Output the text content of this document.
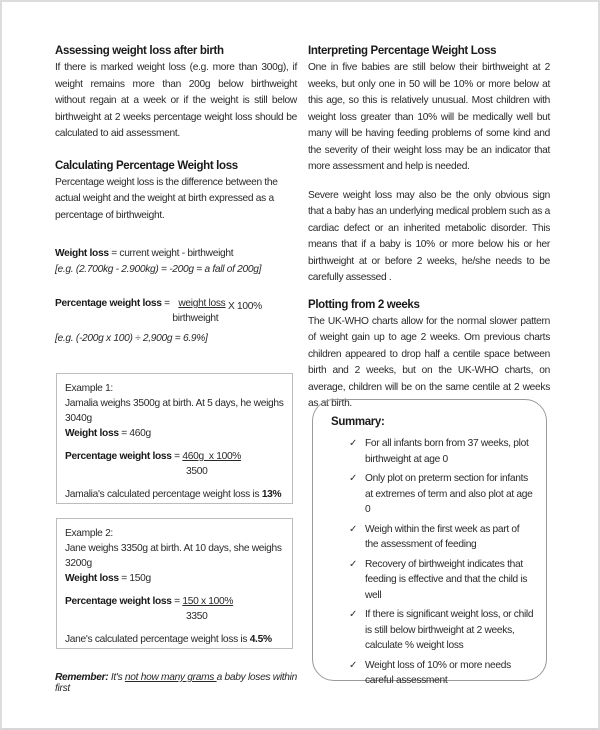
Assessing weight loss after birth

If there is marked weight loss (e.g. more than 300g), if weight remains more than 200g below birthweight without regain at a week or if the weight is still below birthweight at 2 weeks percentage weight loss should be calculated to aid assessment.

Calculating Percentage Weight loss

Percentage weight loss is the difference between the actual weight and the weight at birth expressed as a percentage of birthweight.

Weight loss = current weight - birthweight
[e.g. (2.700kg - 2.900kg) = -200g = a fall of 200g]
Percentage weight loss = $\frac{\text{weight loss}}{\text{birthweight}}$ X 100%
[e.g. (-200g x 100) ÷ 2,900g = 6.9%]

Example 1:

Jamalia weighs 3500g at birth. At 5 days, he weighs 3040g

Weight loss = 460g

Percentage weight loss = 460g  x 100%

3500

Jamalia's calculated percentage weight loss is 13%

Example 2:

Jane weighs 3350g at birth. At 10 days, she weighs 3200g

Weight loss = 150g

Percentage weight loss = 150 x 100%

3350

Jane's calculated percentage weight loss is 4.5%

Remember: It's not how many grams a baby loses within first
Interpreting Percentage Weight Loss

One in five babies are still below their birthweight at 2 weeks, but only one in 50 will be 10% or more below at this age, so this is relatively unusual. Most children with weight loss greater than 10% will be medically well but many will be having feeding problems of some kind and the severity of their weight loss may be an indicator that more assessment and help is needed.

Severe weight loss may also be the only obvious sign that a baby has an underlying medical problem such as a cardiac defect or an inherited metabolic disorder. This means that if a baby is 10% or more below his or her birthweight at or before 2 weeks, he/she needs to be carefully assessed .

Plotting from 2 weeks

The UK-WHO charts allow for the normal slower pattern of weight gain up to age 2 weeks. Om previous charts children appeared to drop half a centile space between birth and 2 weeks, but on the UK-WHO charts, on average, children will be on the same centile at 2 weeks as at birth.

Summary:
✓ For all infants born from 37 weeks, plot birthweight at age 0
✓ Only plot on preterm section for infants at extremes of term and also plot at age 0
✓ Weigh within the first week as part of the assessment of feeding
✓ Recovery of birthweight indicates that feeding is effective and that the child is well
✓ If there is significant weight loss, or child is still below birthweight at 2 weeks, calculate % weight loss
✓ Weight loss of 10% or more needs careful assessment
